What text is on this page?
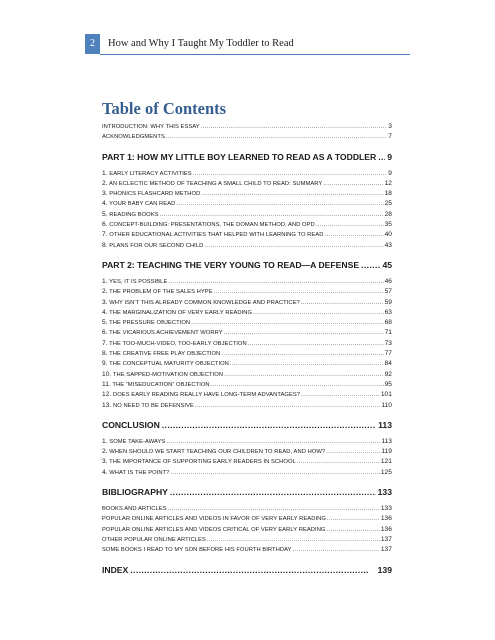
2	How and Why I Taught My Toddler to Read
Table of Contents
INTRODUCTION: WHY THIS ESSAY . . .	3
ACKNOWLEDGMENTS . . .	7
PART 1: HOW MY LITTLE BOY LEARNED TO READ AS A TODDLER . . . 9
1. EARLY LITERACY ACTIVITIES . . .	9
2. AN ECLECTIC METHOD OF TEACHING A SMALL CHILD TO READ: SUMMARY . . .	12
3. PHONICS FLASHCARD METHOD . . .	18
4. YOUR BABY CAN READ . . .	25
5. READING BOOKS . . .	28
6. CONCEPT-BUILDING: PRESENTATIONS, THE DOMAN METHOD, AND OPD . . .	35
7. OTHER EDUCATIONAL ACTIVITIES THAT HELPED WITH LEARNING TO READ . . .	40
8. PLANS FOR OUR SECOND CHILD . . .	43
PART 2: TEACHING THE VERY YOUNG TO READ—A DEFENSE . . .	45
1. YES, IT IS POSSIBLE . . .	46
2. THE PROBLEM OF THE SALES HYPE . . .	57
3. WHY ISN'T THIS ALREADY COMMON KNOWLEDGE AND PRACTICE? . . .	59
4. THE MARGINALIZATION OF VERY EARLY READING . . .	63
5. THE PRESSURE OBJECTION . . .	68
6. THE VICARIOUS ACHIEVEMENT WORRY . . .	71
7. THE TOO-MUCH-VIDEO, TOO-EARLY OBJECTION . . .	73
8. THE CREATIVE FREE PLAY OBJECTION . . .	77
9. THE CONCEPTUAL MATURITY OBJECTION . . .	84
10. THE SAPPED-MOTIVATION OBJECTION . . .	92
11. THE “MISEDUCATION” OBJECTION . . .	95
12. DOES EARLY READING REALLY HAVE LONG-TERM ADVANTAGES? . . .	101
13. NO NEED TO BE DEFENSIVE . . .	110
CONCLUSION . . .	113
1. SOME TAKE-AWAYS . . .	113
2. WHEN SHOULD WE START TEACHING OUR CHILDREN TO READ, AND HOW? . . .	119
3. THE IMPORTANCE OF SUPPORTING EARLY READERS IN SCHOOL . . .	121
4. WHAT IS THE POINT? . . .	125
BIBLIOGRAPHY . . .	133
BOOKS AND ARTICLES . . .	133
POPULAR ONLINE ARTICLES AND VIDEOS IN FAVOR OF VERY EARLY READING . . .	136
POPULAR ONLINE ARTICLES AND VIDEOS CRITICAL OF VERY EARLY READING . . .	136
OTHER POPULAR ONLINE ARTICLES . . .	137
SOME BOOKS I READ TO MY SON BEFORE HIS FOURTH BIRTHDAY . . .	137
INDEX . . .	139
